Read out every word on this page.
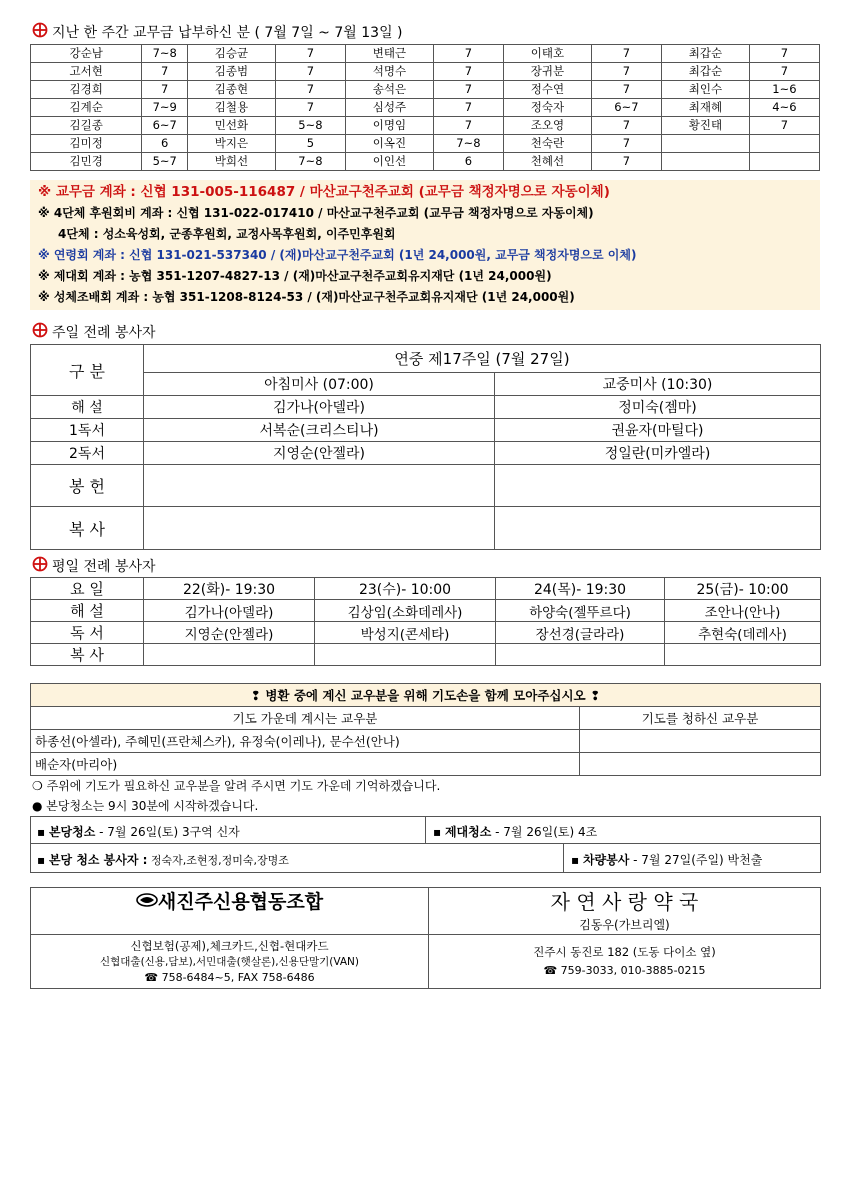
지난 한 주간 교무금 납부하신 분 ( 7월 7일 ~ 7월 13일 )
강순남	7~8	김승균	7	변태근	7	이태호	7	최갑순	7
고서현	7	김종범	7	석명수	7	장귀분	7	최갑순	7
김경희	7	김종현	7	송석은	7	정수연	7	최인수	1~6
김계순	7~9	김철용	7	심성주	7	정숙자	6~7	최재혜	4~6
김길종	6~7	민선화	5~8	이명임	7	조오영	7	황진태	7
김미정	6	박지은	5	이옥진	7~8	천숙란	7		
김민경	5~7	박희선	7~8	이인선	6	천혜선	7		
※ 교무금 계좌 : 신협 131-005-116487 / 마산교구천주교회 (교무금 책정자명으로 자동이체)
※ 4단체 후원회비 계좌 : 신협 131-022-017410 / 마산교구천주교회 (교무금 책정자명으로 자동이체)
4단체 : 성소육성회, 군종후원회, 교정사목후원회, 이주민후원회
※ 연령회 계좌 : 신협 131-021-537340 / (재)마산교구천주교회 (1년 24,000원, 교무금 책정자명으로 이체)
※ 제대회 계좌 : 농협 351-1207-4827-13 / (재)마산교구천주교회유지재단 (1년 24,000원)
※ 성체조배회 계좌 : 농협 351-1208-8124-53 / (재)마산교구천주교회유지재단 (1년 24,000원)
주일 전례 봉사자
구 분	연중 제17주일 (7월 27일)	
	아침미사 (07:00)	교중미사 (10:30)
해 설	김가나(아델라)	정미숙(젬마)
1독서	서복순(크리스티나)	권윤자(마틸다)
2독서	지영순(안젤라)	정일란(미카엘라)
봉 헌		
복 사		
평일 전례 봉사자
요 일	22(화)- 19:30	23(수)- 10:00	24(목)- 19:30	25(금)- 10:00
해 설	김가나(아델라)	김상임(소화데레사)	하양숙(젤뚜르다)	조안나(안나)
독 서	지영순(안젤라)	박성지(콘세타)	장선경(글라라)	추현숙(데레사)
복 사				
❢ 병환 중에 계신 교우분을 위해 기도손을 함께 모아주십시오 ❢	
기도 가운데 계시는 교우분	기도를 청하신 교우분
하종선(아셀라), 주혜민(프란체스카), 유정숙(이레나), 문수선(안나)	
배순자(마리아)	
❍ 주위에 기도가 필요하신 교우분을 알려 주시면 기도 가운데 기억하겠습니다.
● 본당청소는 9시 30분에 시작하겠습니다.
▪ 본당청소 - 7월 26일(토) 3구역 신자	▪ 제대청소 - 7월 26일(토) 4조
▪ 본당 청소 봉사자 : 정숙자,조현정,정미숙,장명조	▪ 차량봉사 - 7월 27일(주일) 박천출
새진주신용협동조합
신협보험(공제),체크카드,신협-현대카드
신협대출(신용,담보),서민대출(햇살론),신용단말기(VAN)
☎ 758-6484~5, FAX 758-6486
자 연 사 랑 약 국
김동우(가브리엘)
진주시 동진로 182 (도동 다이소 옆)
☎ 759-3033, 010-3885-0215
